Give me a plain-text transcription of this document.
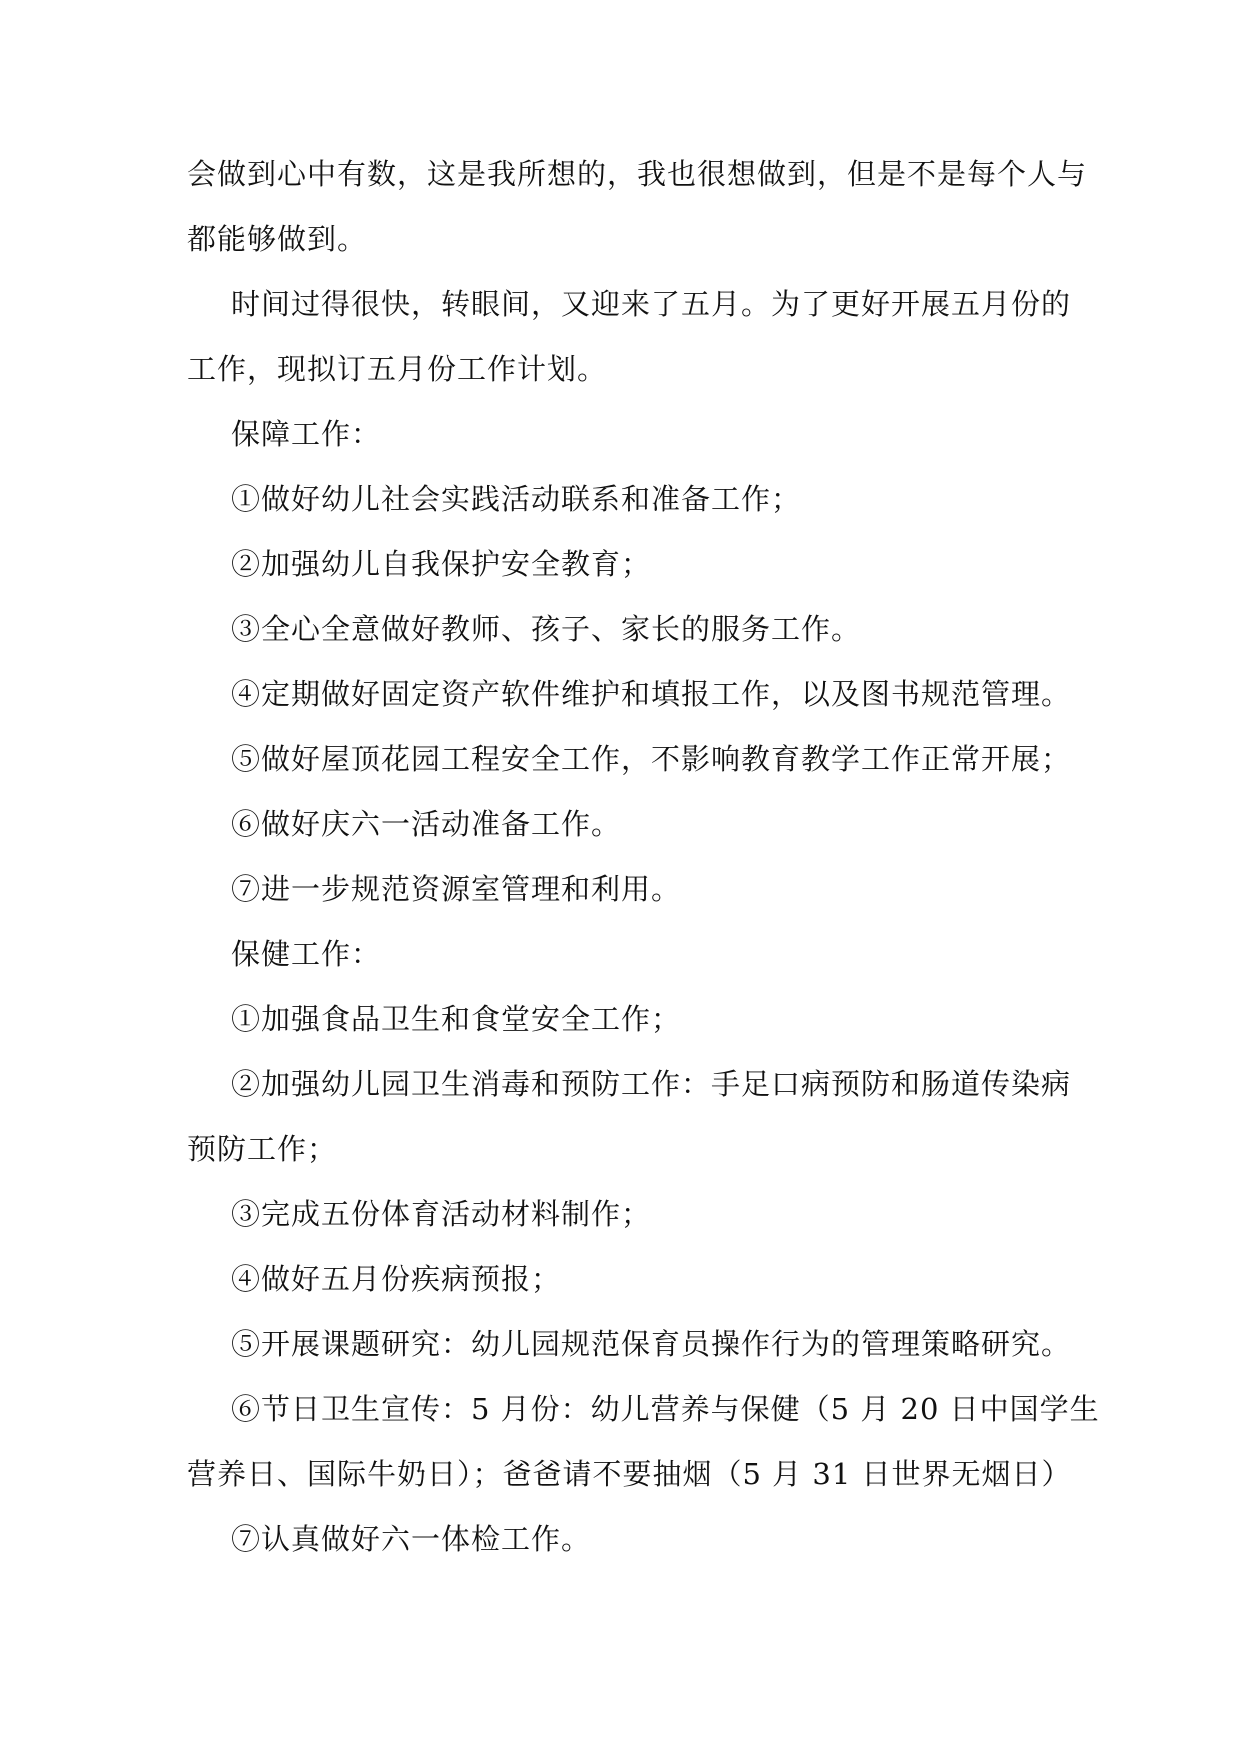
会做到心中有数，这是我所想的，我也很想做到，但是不是每个人与
都能够做到。
时间过得很快，转眼间，又迎来了五月。为了更好开展五月份的
工作，现拟订五月份工作计划。
保障工作：
①做好幼儿社会实践活动联系和准备工作；
②加强幼儿自我保护安全教育；
③全心全意做好教师、孩子、家长的服务工作。
④定期做好固定资产软件维护和填报工作，以及图书规范管理。
⑤做好屋顶花园工程安全工作，不影响教育教学工作正常开展；
⑥做好庆六一活动准备工作。
⑦进一步规范资源室管理和利用。
保健工作：
①加强食品卫生和食堂安全工作；
②加强幼儿园卫生消毒和预防工作：手足口病预防和肠道传染病
预防工作；
③完成五份体育活动材料制作；
④做好五月份疾病预报；
⑤开展课题研究：幼儿园规范保育员操作行为的管理策略研究。
⑥节日卫生宣传：5 月份：幼儿营养与保健（5 月 20 日中国学生
营养日、国际牛奶日）；爸爸请不要抽烟（5 月 31 日世界无烟日）
⑦认真做好六一体检工作。
